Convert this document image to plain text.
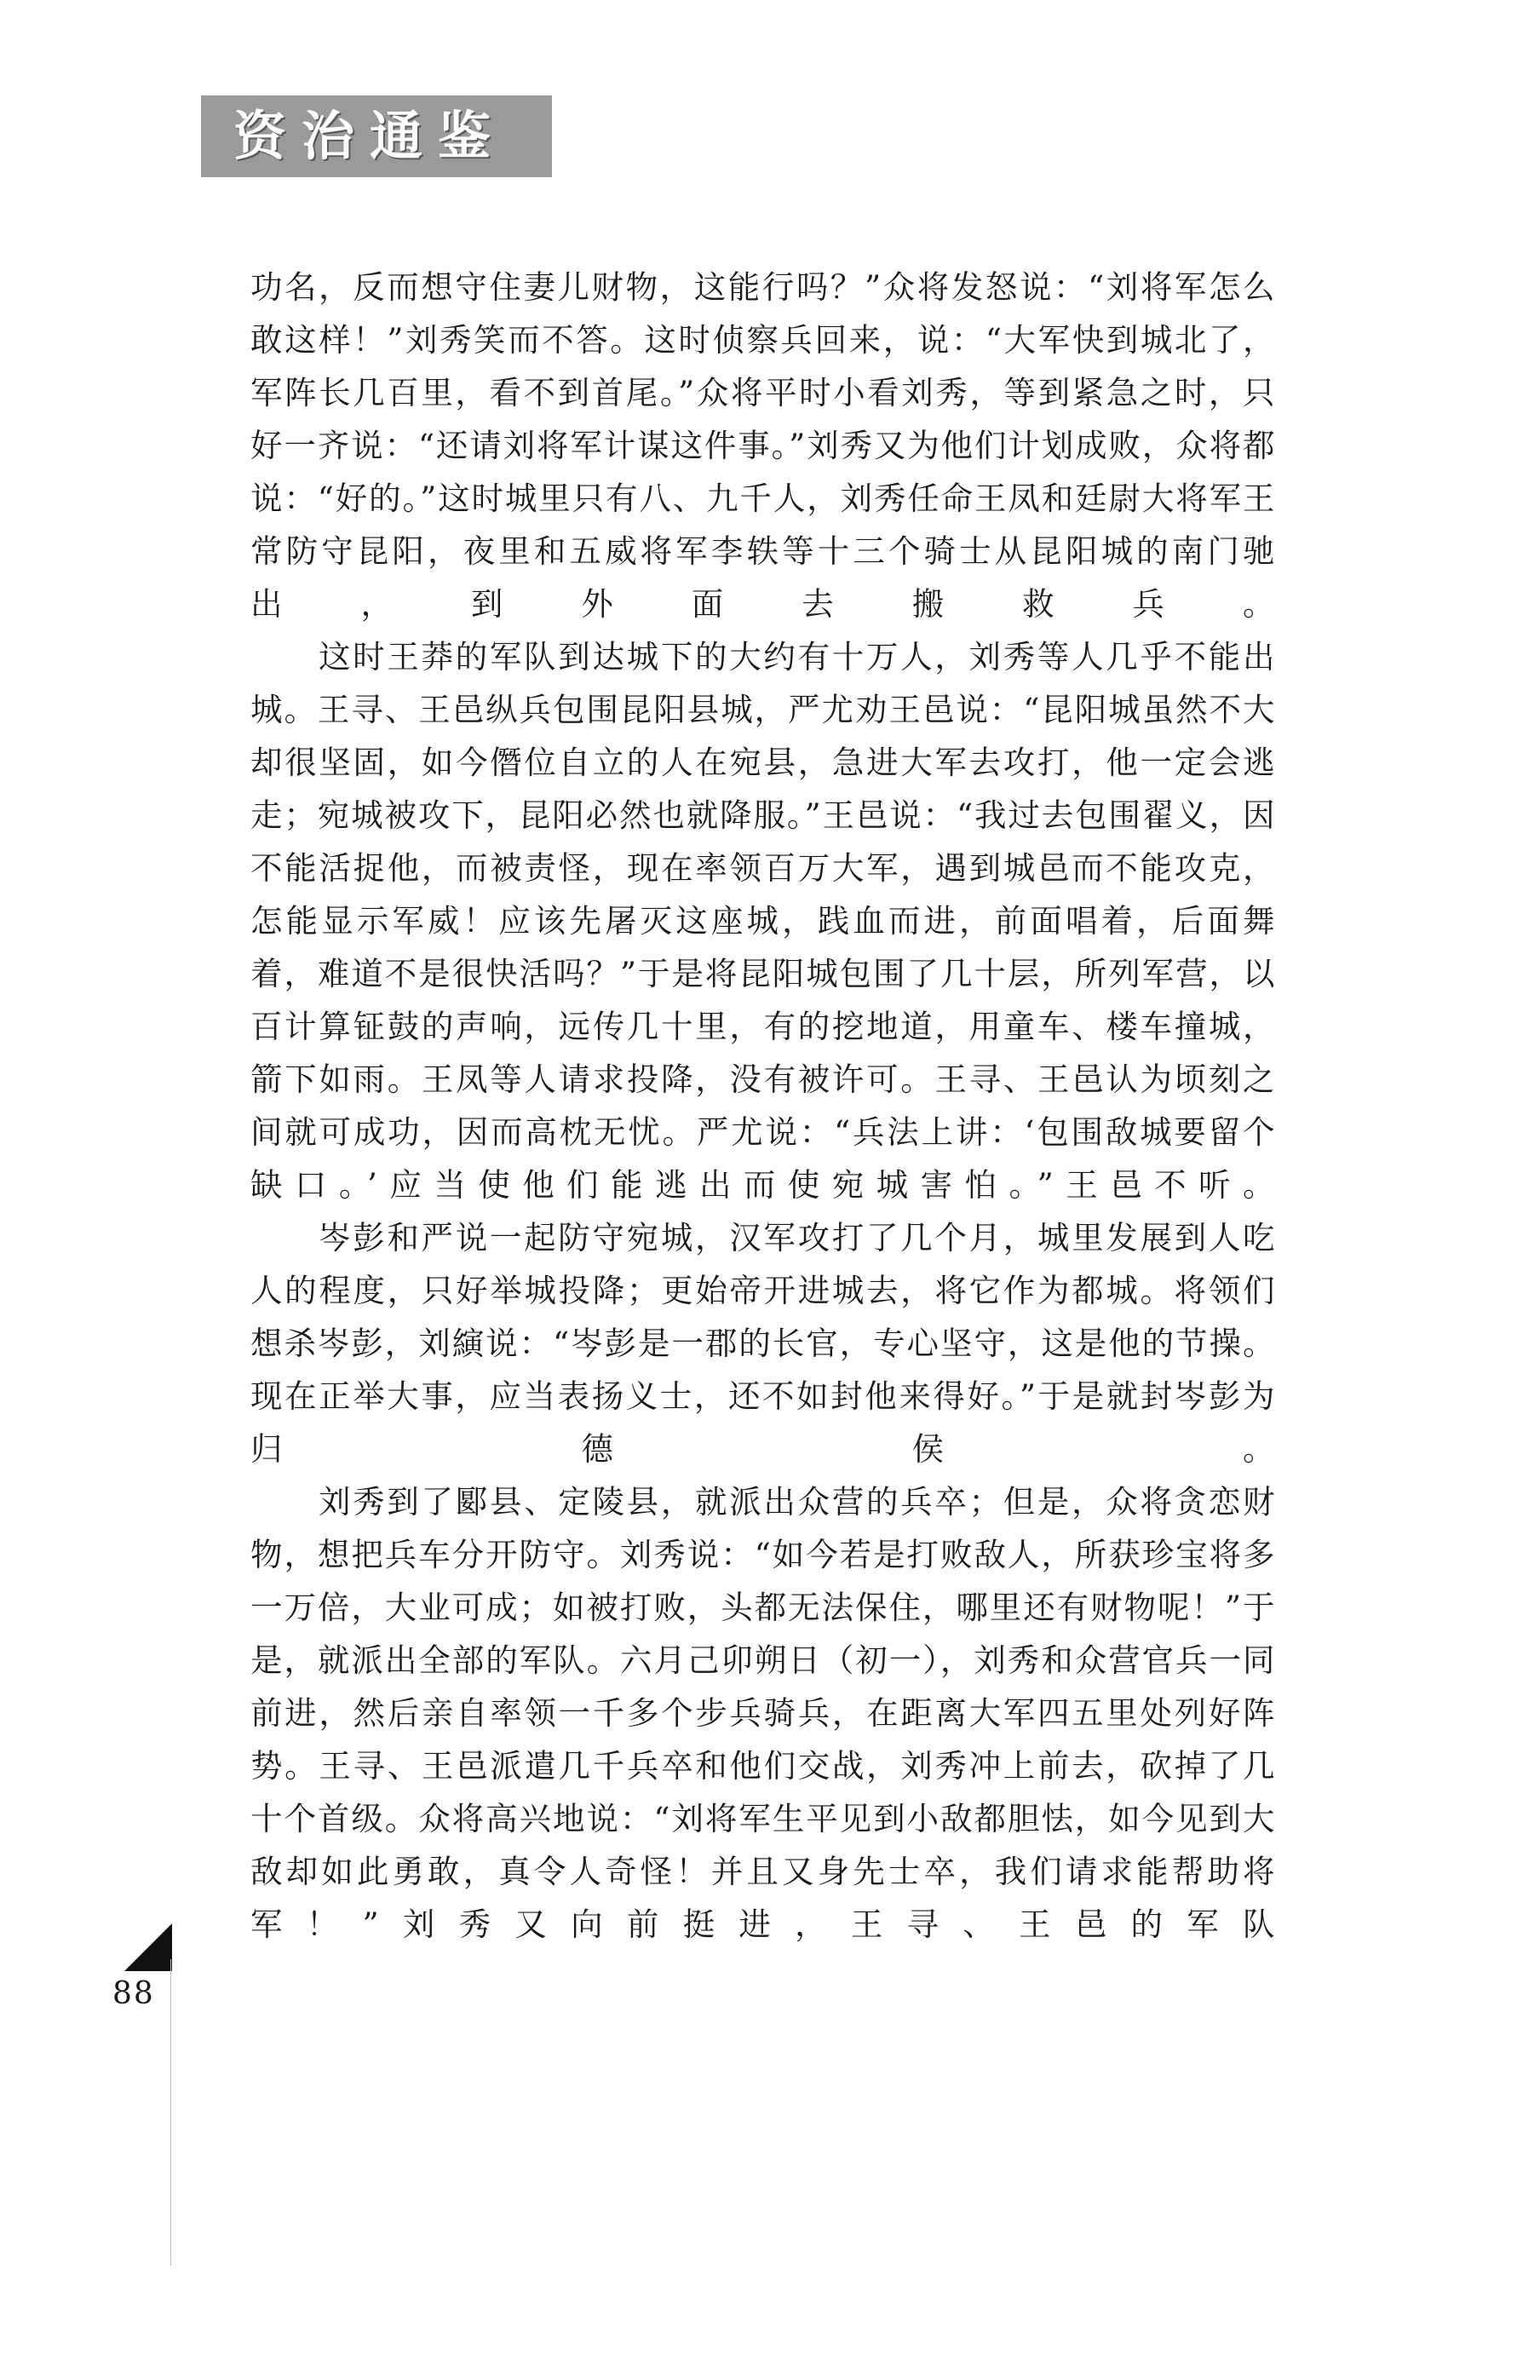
资治通鉴

功名，反而想守住妻儿财物，这能行吗？”众将发怒说：“刘将军怎么敢这样！”刘秀笑而不答。这时侦察兵回来，说：“大军快到城北了，军阵长几百里，看不到首尾。”众将平时小看刘秀，等到紧急之时，只好一齐说：“还请刘将军计谋这件事。”刘秀又为他们计划成败，众将都说：“好的。”这时城里只有八、九千人，刘秀任命王凤和廷尉大将军王常防守昆阳，夜里和五威将军李轶等十三个骑士从昆阳城的南门驰出，到外面去搬救兵。

这时王莽的军队到达城下的大约有十万人，刘秀等人几乎不能出城。王寻、王邑纵兵包围昆阳县城，严尤劝王邑说：“昆阳城虽然不大却很坚固，如今僭位自立的人在宛县，急进大军去攻打，他一定会逃走；宛城被攻下，昆阳必然也就降服。”王邑说：“我过去包围翟义，因不能活捉他，而被责怪，现在率领百万大军，遇到城邑而不能攻克，怎能显示军威！应该先屠灭这座城，践血而进，前面唱着，后面舞着，难道不是很快活吗？”于是将昆阳城包围了几十层，所列军营，以百计算钲鼓的声响，远传几十里，有的挖地道，用童车、楼车撞城，箭下如雨。王凤等人请求投降，没有被许可。王寻、王邑认为顷刻之间就可成功，因而高枕无忧。严尤说：“兵法上讲：‘包围敌城要留个缺口。’应当使他们能逃出而使宛城害怕。”王邑不听。

岑彭和严说一起防守宛城，汉军攻打了几个月，城里发展到人吃人的程度，只好举城投降；更始帝开进城去，将它作为都城。将领们想杀岑彭，刘縯说：“岑彭是一郡的长官，专心坚守，这是他的节操。现在正举大事，应当表扬义士，还不如封他来得好。”于是就封岑彭为归德侯。

刘秀到了郾县、定陵县，就派出众营的兵卒；但是，众将贪恋财物，想把兵车分开防守。刘秀说：“如今若是打败敌人，所获珍宝将多一万倍，大业可成；如被打败，头都无法保住，哪里还有财物呢！”于是，就派出全部的军队。六月己卯朔日（初一），刘秀和众营官兵一同前进，然后亲自率领一千多个步兵骑兵，在距离大军四五里处列好阵势。王寻、王邑派遣几千兵卒和他们交战，刘秀冲上前去，砍掉了几十个首级。众将高兴地说：“刘将军生平见到小敌都胆怯，如今见到大敌却如此勇敢，真令人奇怪！并且又身先士卒，我们请求能帮助将军！”刘秀又向前挺进，王寻、王邑的军队

88
